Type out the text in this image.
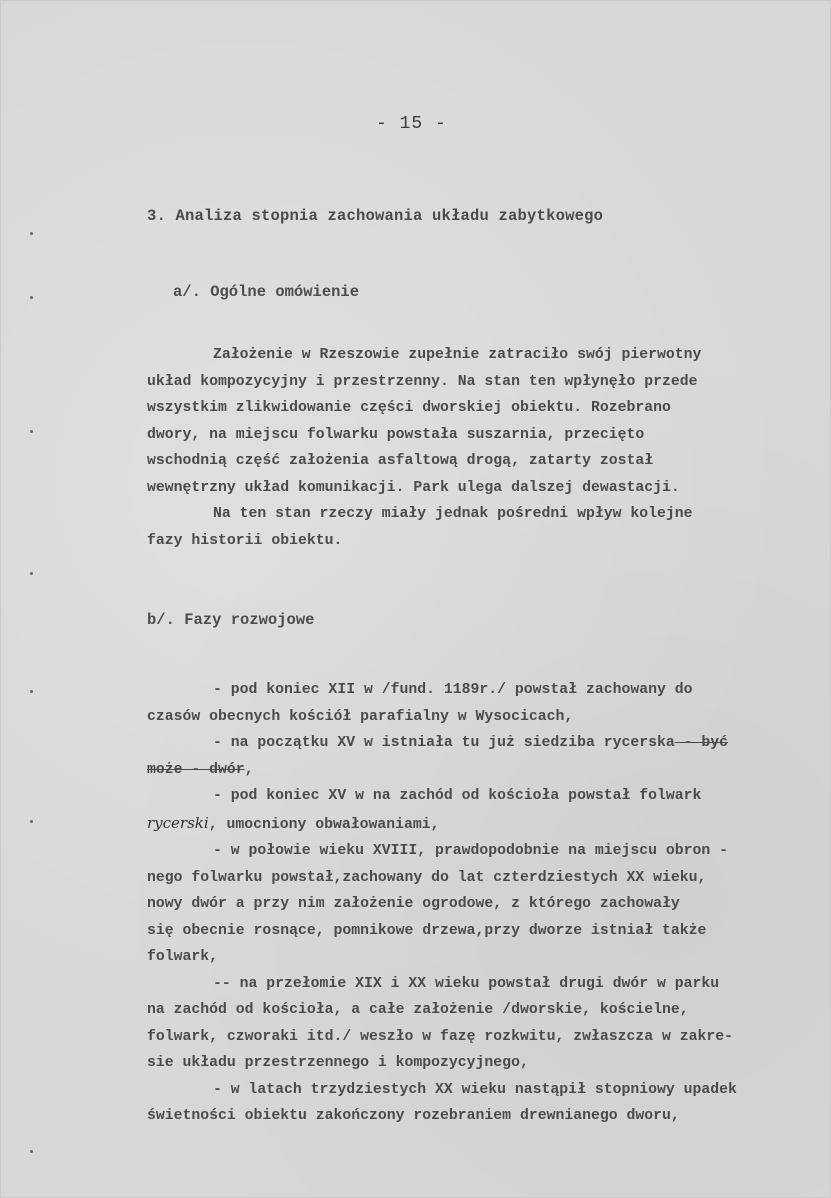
- 15 -
3. Analiza stopnia zachowania układu zabytkowego
a/. Ogólne omówienie
Założenie w Rzeszowie zupełnie zatraciło swój pierwotny
układ kompozycyjny i przestrzenny. Na stan ten wpłynęło przede
wszystkim zlikwidowanie części dworskiej obiektu. Rozebrano
dwory, na miejscu folwarku powstała suszarnia, przecięto
wschodnią część założenia asfaltową drogą, zatarty został
wewnętrzny układ komunikacji. Park ulega dalszej dewastacji.
Na ten stan rzeczy miały jednak pośredni wpływ kolejne
fazy historii obiektu.
b/. Fazy rozwojowe
- pod koniec XII w /fund. 1189r./ powstał zachowany do
czasów obecnych kościół parafialny w Wysocicach,
- na początku XV w istniała tu już siedziba rycerska - być
może - dwór,
- pod koniec XV w na zachód od kościoła powstał folwark
rycerski, umocniony obwałowaniami,
- w połowie wieku XVIII, prawdopodobnie na miejscu obron -
nego folwarku powstał,zachowany do lat czterdziestych XX wieku,
nowy dwór a przy nim założenie ogrodowe, z którego zachowały
się obecnie rosnące, pomnikowe drzewa,przy dworze istniał także
folwark,
-- na przełomie XIX i XX wieku powstał drugi dwór w parku
na zachód od kościoła, a całe założenie /dworskie, kościelne,
folwark, czworaki itd./ weszło w fazę rozkwitu, zwłaszcza w zakre-
sie układu przestrzennego i kompozycyjnego,
- w latach trzydziestych XX wieku nastąpił stopniowy upadek
świetności obiektu zakończony rozebraniem drewnianego dworu,
